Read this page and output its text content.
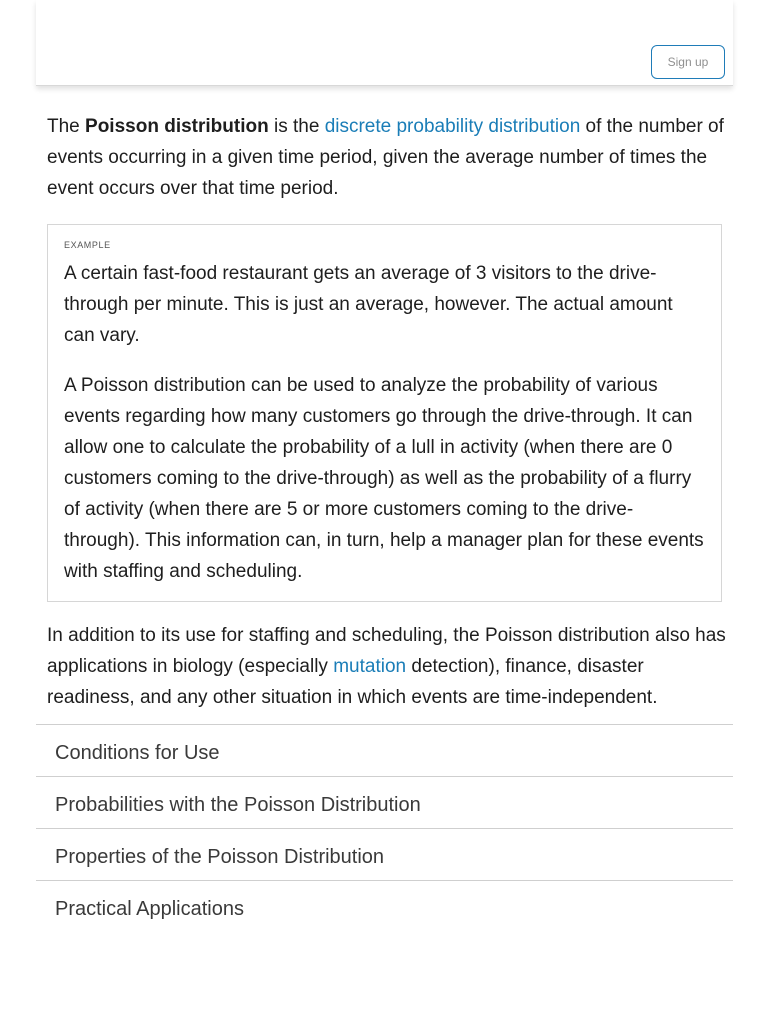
Sign up

The Poisson distribution is the discrete probability distribution of the number of events occurring in a given time period, given the average number of times the event occurs over that time period.

EXAMPLE

A certain fast-food restaurant gets an average of 3 visitors to the drive-through per minute. This is just an average, however. The actual amount can vary.

A Poisson distribution can be used to analyze the probability of various events regarding how many customers go through the drive-through. It can allow one to calculate the probability of a lull in activity (when there are 0 customers coming to the drive-through) as well as the probability of a flurry of activity (when there are 5 or more customers coming to the drive-through). This information can, in turn, help a manager plan for these events with staffing and scheduling.

In addition to its use for staffing and scheduling, the Poisson distribution also has applications in biology (especially mutation detection), finance, disaster readiness, and any other situation in which events are time-independent.

Conditions for Use
Probabilities with the Poisson Distribution
Properties of the Poisson Distribution
Practical Applications
